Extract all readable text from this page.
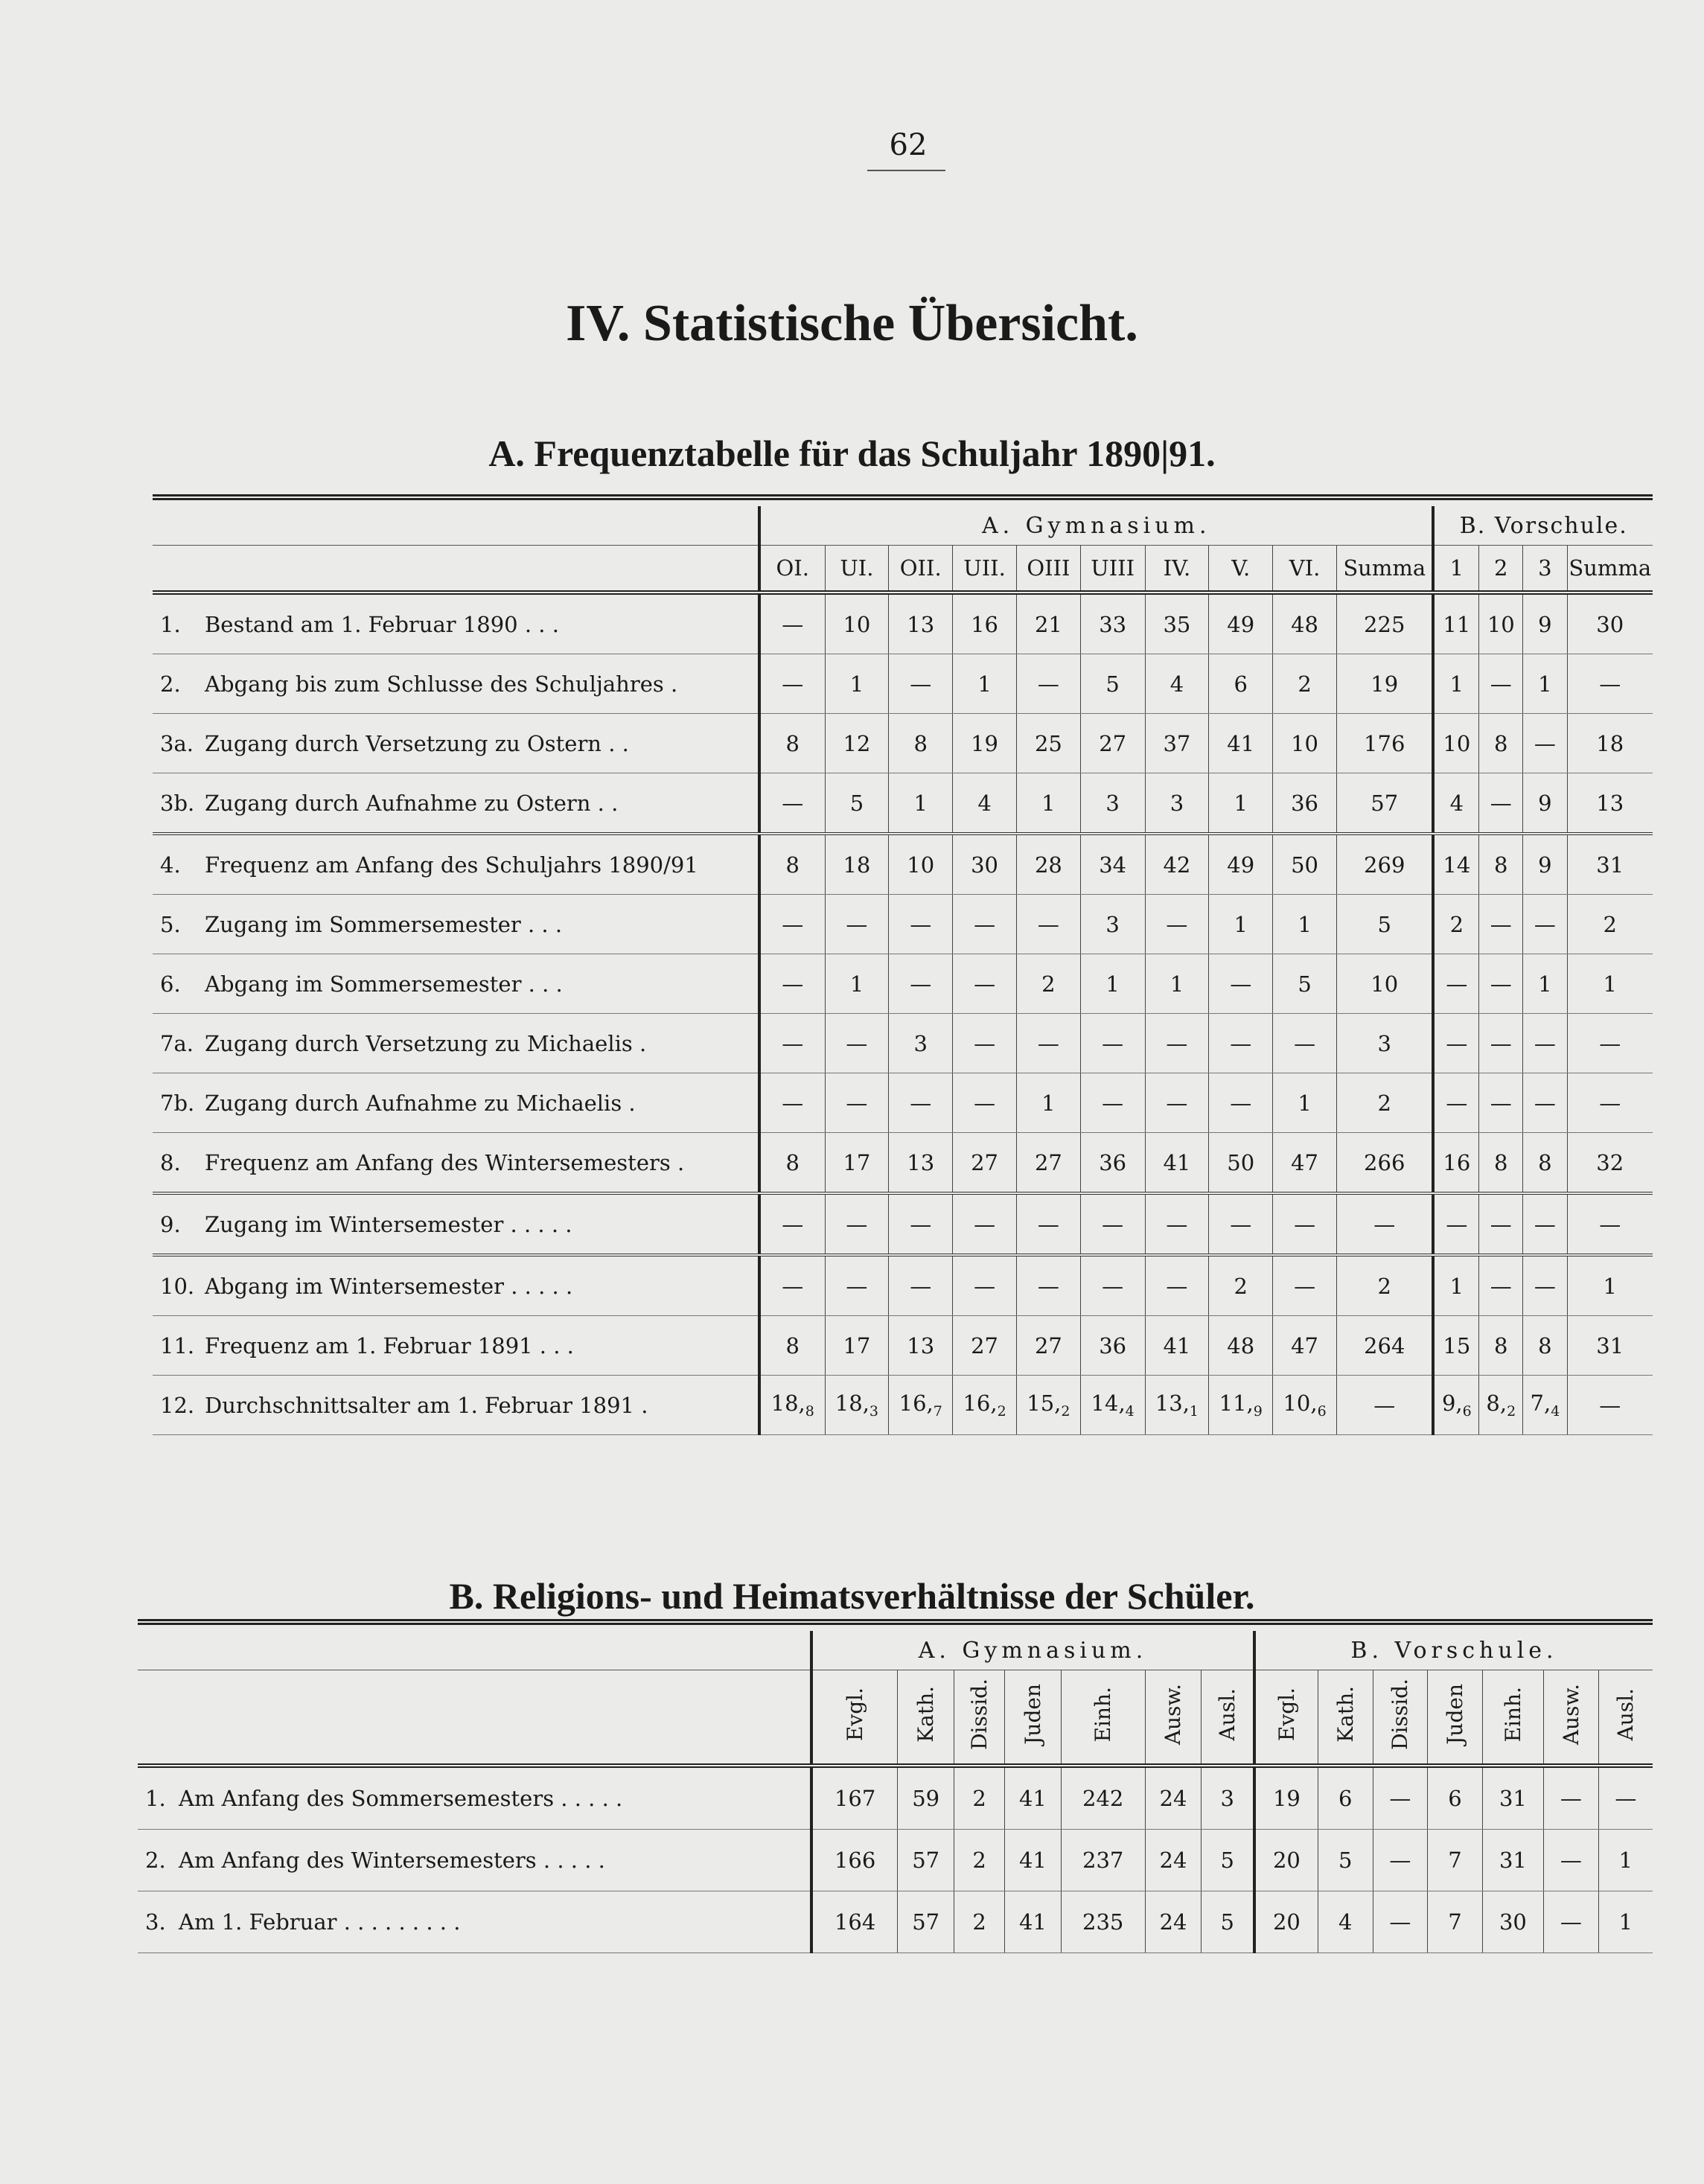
62
IV. Statistische Übersicht.
A. Frequenztabelle für das Schuljahr 1890|91.

	A. Gymnasium.										B. Vorschule.			
	OI.	UI.	OII.	UII.	OIII	UIII	IV.	V.	VI.	Summa	1	2	3	Summa
1. Bestand am 1. Februar 1890 . . .	—	10	13	16	21	33	35	49	48	225	11	10	9	30
2. Abgang bis zum Schlusse des Schuljahres .	—	1	—	1	—	5	4	6	2	19	1	—	1	—
3a. Zugang durch Versetzung zu Ostern . .	8	12	8	19	25	27	37	41	10	176	10	8	—	18
3b. Zugang durch Aufnahme zu Ostern . .	—	5	1	4	1	3	3	1	36	57	4	—	9	13
4. Frequenz am Anfang des Schuljahrs 1890/91	8	18	10	30	28	34	42	49	50	269	14	8	9	31
5. Zugang im Sommersemester . . .	—	—	—	—	—	3	—	1	1	5	2	—	—	2
6. Abgang im Sommersemester . . .	—	1	—	—	2	1	1	—	5	10	—	—	1	1
7a. Zugang durch Versetzung zu Michaelis .	—	—	3	—	—	—	—	—	—	3	—	—	—	—
7b. Zugang durch Aufnahme zu Michaelis .	—	—	—	—	1	—	—	—	1	2	—	—	—	—
8. Frequenz am Anfang des Wintersemesters .	8	17	13	27	27	36	41	50	47	266	16	8	8	32
9. Zugang im Wintersemester . . . . .	—	—	—	—	—	—	—	—	—	—	—	—	—	—
10. Abgang im Wintersemester . . . . .	—	—	—	—	—	—	—	2	—	2	1	—	—	1
11. Frequenz am 1. Februar 1891 . . .	8	17	13	27	27	36	41	48	47	264	15	8	8	31
12. Durchschnittsalter am 1. Februar 1891 .	$18,_8$	$18,_3$	$16,_7$	$16,_2$	$15,_2$	$14,_4$	$13,_1$	$11,_9$	$10,_6$	—	$9,_6$	$8,_2$	$7,_4$	—
B. Religions- und Heimatsverhältnisse der Schüler.

	A. Gymnasium.							B. Vorschule.						
	Evgl.	Kath.	Dissid.	Juden	Einh.	Ausw.	Ausl.	Evgl.	Kath.	Dissid.	Juden	Einh.	Ausw.	Ausl.
1. Am Anfang des Sommersemesters . . . . .	167	59	2	41	242	24	3	19	6	—	6	31	—	—
2. Am Anfang des Wintersemesters . . . . .	166	57	2	41	237	24	5	20	5	—	7	31	—	1
3. Am 1. Februar . . . . . . . . .	164	57	2	41	235	24	5	20	4	—	7	30	—	1
